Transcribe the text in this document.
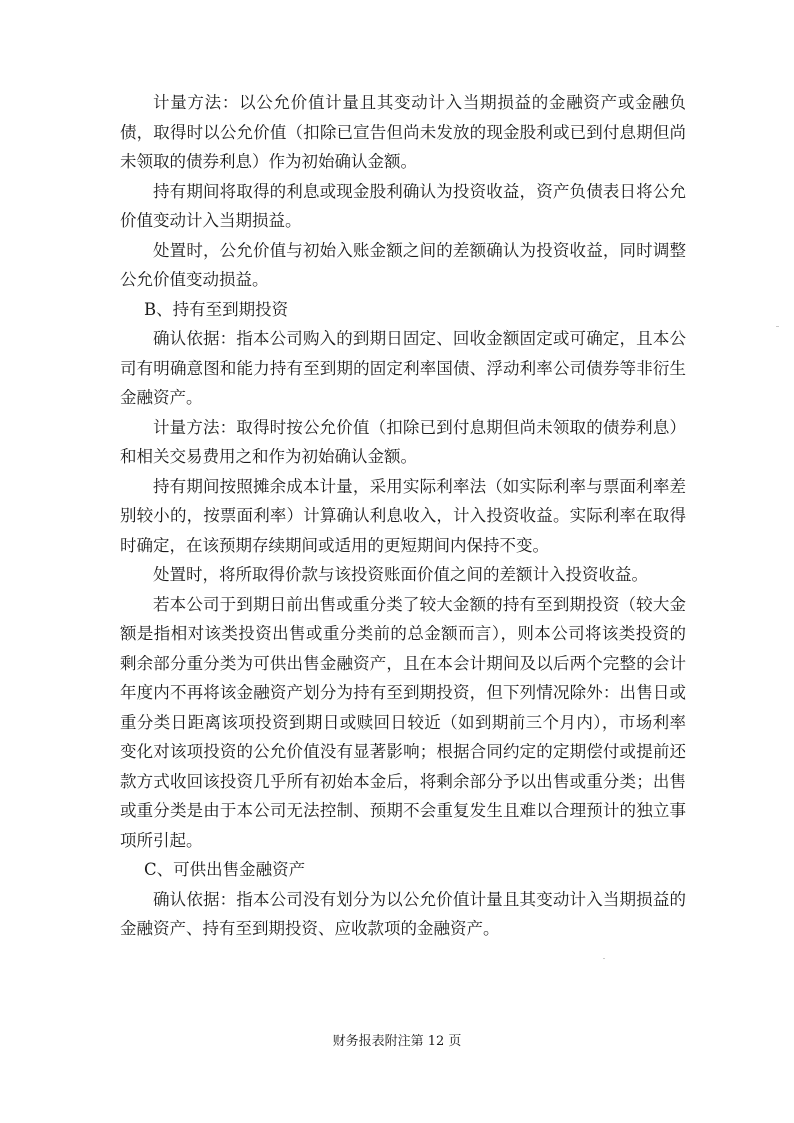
计量方法：以公允价值计量且其变动计入当期损益的金融资产或金融负债，取得时以公允价值（扣除已宣告但尚未发放的现金股利或已到付息期但尚未领取的债券利息）作为初始确认金额。

持有期间将取得的利息或现金股利确认为投资收益，资产负债表日将公允价值变动计入当期损益。

处置时，公允价值与初始入账金额之间的差额确认为投资收益，同时调整公允价值变动损益。

B、持有至到期投资

确认依据：指本公司购入的到期日固定、回收金额固定或可确定，且本公司有明确意图和能力持有至到期的固定利率国债、浮动利率公司债券等非衍生金融资产。

计量方法：取得时按公允价值（扣除已到付息期但尚未领取的债券利息）和相关交易费用之和作为初始确认金额。

持有期间按照摊余成本计量，采用实际利率法（如实际利率与票面利率差别较小的，按票面利率）计算确认利息收入，计入投资收益。实际利率在取得时确定，在该预期存续期间或适用的更短期间内保持不变。

处置时，将所取得价款与该投资账面价值之间的差额计入投资收益。

若本公司于到期日前出售或重分类了较大金额的持有至到期投资（较大金额是指相对该类投资出售或重分类前的总金额而言），则本公司将该类投资的剩余部分重分类为可供出售金融资产，且在本会计期间及以后两个完整的会计年度内不再将该金融资产划分为持有至到期投资，但下列情况除外：出售日或重分类日距离该项投资到期日或赎回日较近（如到期前三个月内），市场利率变化对该项投资的公允价值没有显著影响；根据合同约定的定期偿付或提前还款方式收回该投资几乎所有初始本金后，将剩余部分予以出售或重分类；出售或重分类是由于本公司无法控制、预期不会重复发生且难以合理预计的独立事项所引起。

C、可供出售金融资产

确认依据：指本公司没有划分为以公允价值计量且其变动计入当期损益的金融资产、持有至到期投资、应收款项的金融资产。

财务报表附注第 12 页
